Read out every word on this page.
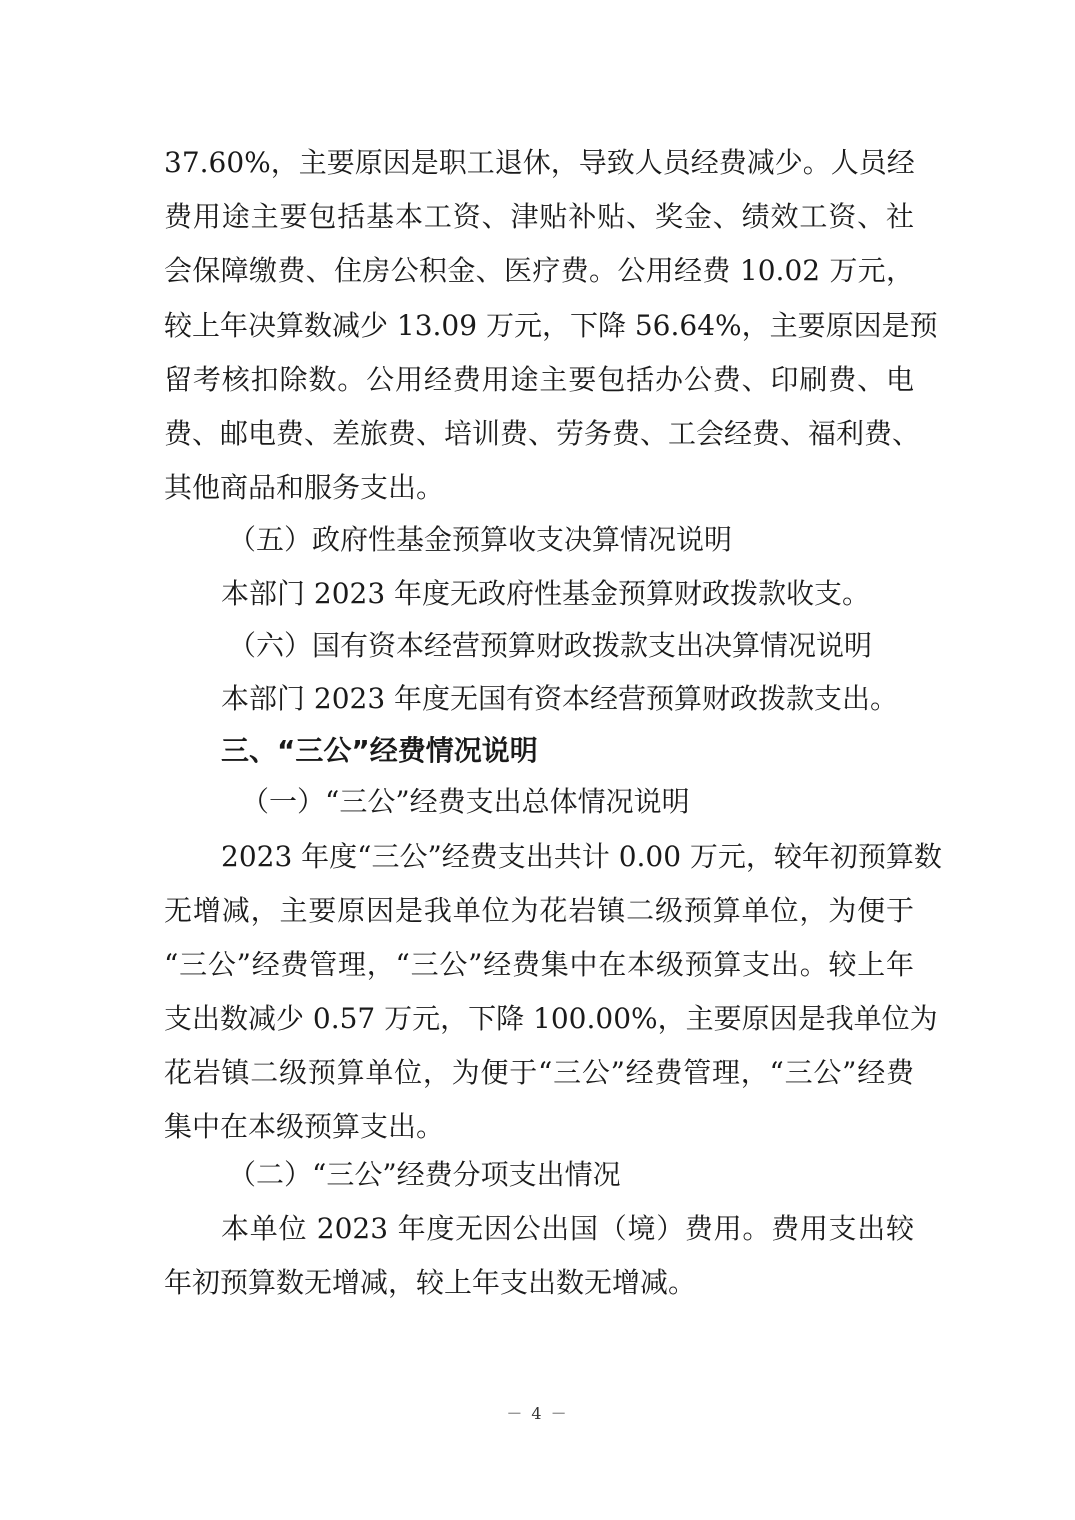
37.60%，主要原因是职工退休，导致人员经费减少。人员经
费用途主要包括基本工资、津贴补贴、奖金、绩效工资、社
会保障缴费、住房公积金、医疗费。公用经费 10.02 万元，
较上年决算数减少 13.09 万元，下降 56.64%，主要原因是预
留考核扣除数。公用经费用途主要包括办公费、印刷费、电
费、邮电费、差旅费、培训费、劳务费、工会经费、福利费、
其他商品和服务支出。
（五）政府性基金预算收支决算情况说明
本部门 2023 年度无政府性基金预算财政拨款收支。
（六）国有资本经营预算财政拨款支出决算情况说明
本部门 2023 年度无国有资本经营预算财政拨款支出。
三、“三公”经费情况说明
（一）“三公”经费支出总体情况说明
2023 年度“三公”经费支出共计 0.00 万元，较年初预算数
无增减，主要原因是我单位为花岩镇二级预算单位，为便于
“三公”经费管理，“三公”经费集中在本级预算支出。较上年
支出数减少 0.57 万元，下降 100.00%，主要原因是我单位为
花岩镇二级预算单位，为便于“三公”经费管理，“三公”经费
集中在本级预算支出。
（二）“三公”经费分项支出情况
本单位 2023 年度无因公出国（境）费用。费用支出较
年初预算数无增减，较上年支出数无增减。
－ 4 －
